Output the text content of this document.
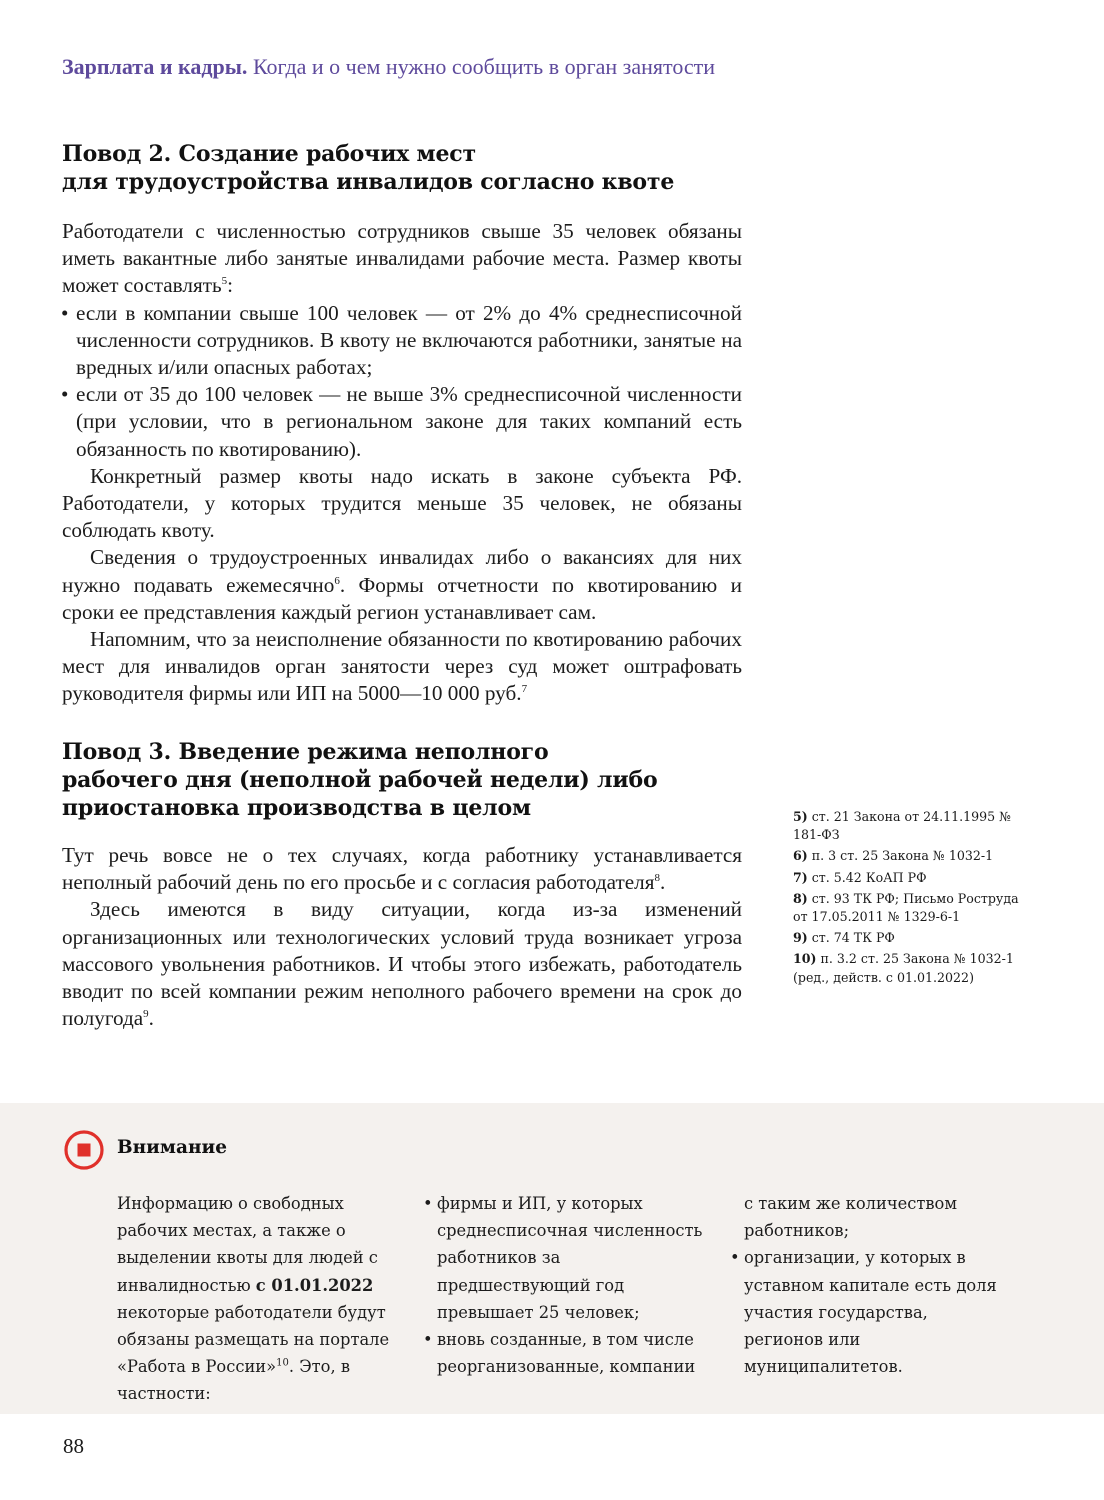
Зарплата и кадры. Когда и о чем нужно сообщить в орган занятости
Повод 2. Создание рабочих мест
для трудоустройства инвалидов согласно квоте

Работодатели с численностью сотрудников свыше 35 человек обязаны иметь вакантные либо занятые инвалидами рабочие места. Размер квоты может составлять$^5$:

• если в компании свыше 100 человек — от 2% до 4% среднесписочной численности сотрудников. В квоту не включаются работники, занятые на вредных и/или опасных работах;
• если от 35 до 100 человек — не выше 3% среднесписочной численности (при условии, что в региональном законе для таких компаний есть обязанность по квотированию).

Конкретный размер квоты надо искать в законе субъекта РФ. Работодатели, у которых трудится меньше 35 человек, не обязаны соблюдать квоту.

Сведения о трудоустроенных инвалидах либо о вакансиях для них нужно подавать ежемесячно$^6$. Формы отчетности по квотированию и сроки ее представления каждый регион устанавливает сам.

Напомним, что за неисполнение обязанности по квотированию рабочих мест для инвалидов орган занятости через суд может оштрафовать руководителя фирмы или ИП на 5000—10 000 руб.$^7$

Повод 3. Введение режима неполного
рабочего дня (неполной рабочей недели) либо
приостановка производства в целом

Тут речь вовсе не о тех случаях, когда работнику устанавливается неполный рабочий день по его просьбе и с согласия работодателя$^8$.

Здесь имеются в виду ситуации, когда из-за изменений организационных или технологических условий труда возникает угроза массового увольнения работников. И чтобы этого избежать, работодатель вводит по всей компании режим неполного рабочего времени на срок до полугода$^9$.

5) ст. 21 Закона от 24.11.1995 № 181-ФЗ
6) п. 3 ст. 25 Закона № 1032-1
7) ст. 5.42 КоАП РФ
8) ст. 93 ТК РФ; Письмо Роструда от 17.05.2011 № 1329-6-1
9) ст. 74 ТК РФ
10) п. 3.2 ст. 25 Закона № 1032-1 (ред., действ. с 01.01.2022)
Внимание
Информацию о свободных рабочих местах, а также о выделении квоты для людей с инвалидностью с 01.01.2022 некоторые работодатели будут обязаны размещать на портале «Работа в России»$^{10}$. Это, в частности:
• фирмы и ИП, у которых среднесписочная численность работников за предшествующий год превышает 25 человек;
• вновь созданные, в том числе реорганизованные, компании
с таким же количеством работников;
• организации, у которых в уставном капитале есть доля участия государства, регионов или муниципалитетов.
88
